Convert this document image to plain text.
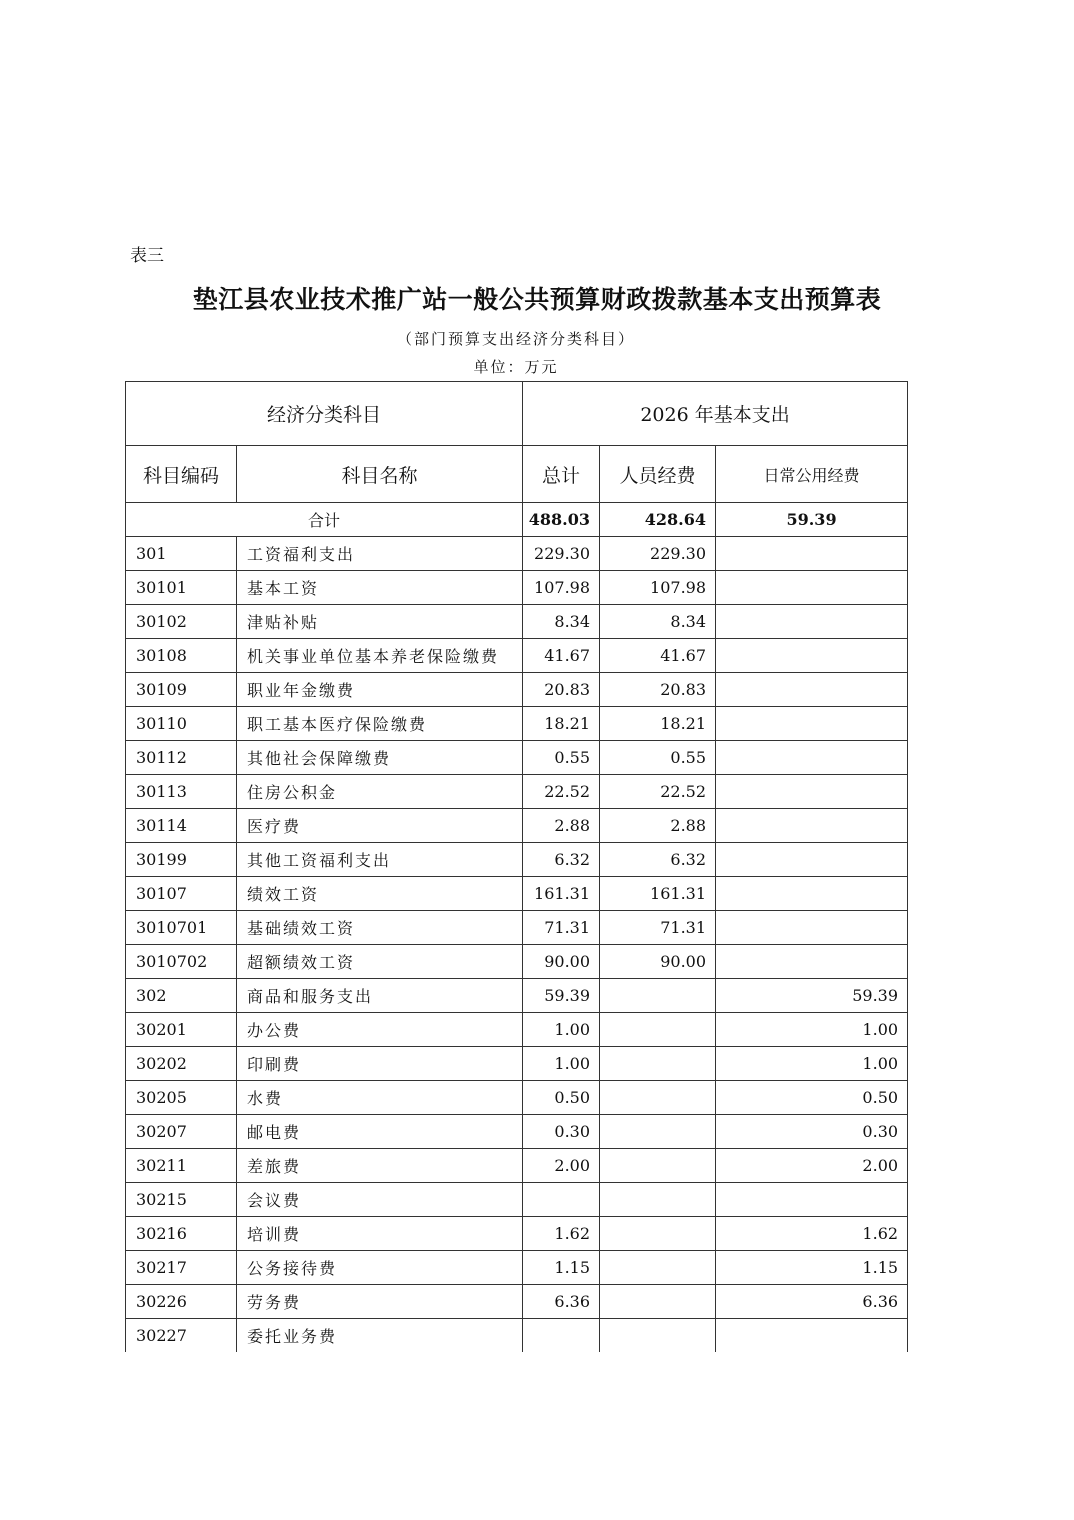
表三
垫江县农业技术推广站一般公共预算财政拨款基本支出预算表
（部门预算支出经济分类科目）
单位：万元
经济分类科目		2026 年基本支出		
科目编码	科目名称	总计	人员经费	日常公用经费
合计		488.03	428.64	59.39
301	工资福利支出	229.30	229.30	
30101	基本工资	107.98	107.98	
30102	津贴补贴	8.34	8.34	
30108	机关事业单位基本养老保险缴费	41.67	41.67	
30109	职业年金缴费	20.83	20.83	
30110	职工基本医疗保险缴费	18.21	18.21	
30112	其他社会保障缴费	0.55	0.55	
30113	住房公积金	22.52	22.52	
30114	医疗费	2.88	2.88	
30199	其他工资福利支出	6.32	6.32	
30107	绩效工资	161.31	161.31	
3010701	基础绩效工资	71.31	71.31	
3010702	超额绩效工资	90.00	90.00	
302	商品和服务支出	59.39		59.39
30201	办公费	1.00		1.00
30202	印刷费	1.00		1.00
30205	水费	0.50		0.50
30207	邮电费	0.30		0.30
30211	差旅费	2.00		2.00
30215	会议费			
30216	培训费	1.62		1.62
30217	公务接待费	1.15		1.15
30226	劳务费	6.36		6.36
30227	委托业务费			
